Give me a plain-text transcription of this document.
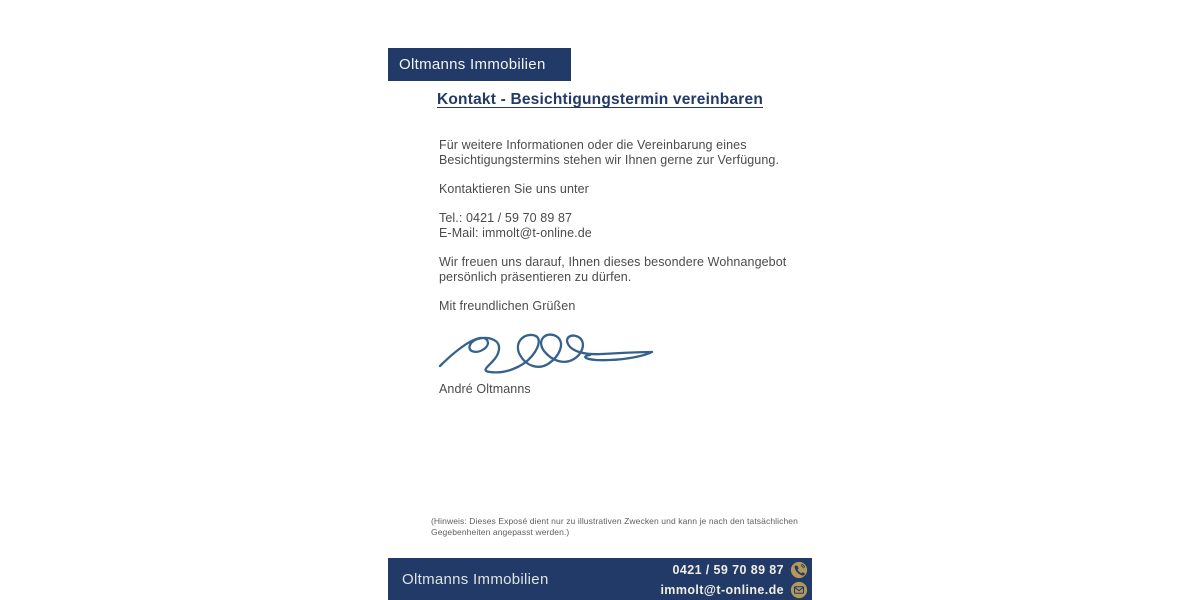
Oltmanns Immobilien
Kontakt - Besichtigungstermin vereinbaren

Für weitere Informationen oder die Vereinbarung eines
Besichtigungstermins stehen wir Ihnen gerne zur Verfügung.

Kontaktieren Sie uns unter

Tel.: 0421 / 59 70 89 87
E-Mail: immolt@t-online.de

Wir freuen uns darauf, Ihnen dieses besondere Wohnangebot
persönlich präsentieren zu dürfen.

Mit freundlichen Grüßen

André Oltmanns
(Hinweis: Dieses Exposé dient nur zu illustrativen Zwecken und kann je nach den tatsächlichen
Gegebenheiten angepasst werden.)
Oltmanns Immobilien
0421 / 59 70 89 87
immolt@t-online.de
